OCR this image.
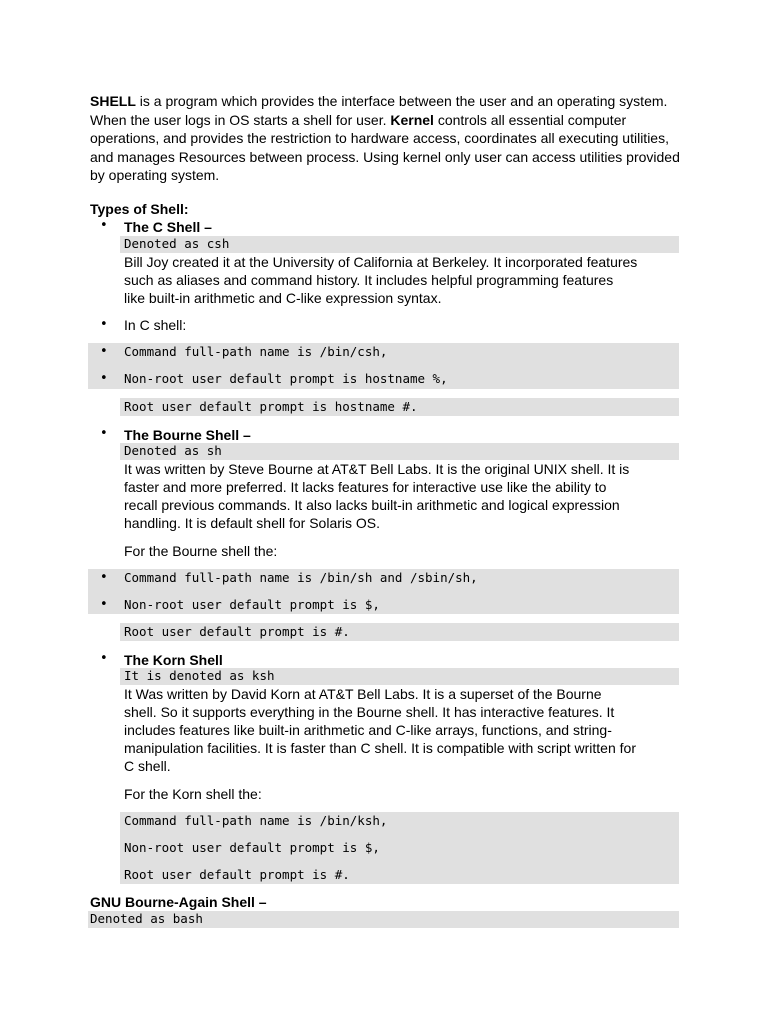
SHELL is a program which provides the interface between the user and an operating system.
When the user logs in OS starts a shell for user. Kernel controls all essential computer
operations, and provides the restriction to hardware access, coordinates all executing utilities,
and manages Resources between process. Using kernel only user can access utilities provided
by operating system.
Types of Shell:
• The C Shell –
Denoted as csh
Bill Joy created it at the University of California at Berkeley. It incorporated features
such as aliases and command history. It includes helpful programming features
like built-in arithmetic and C-like expression syntax.
• In C shell:
• Command full-path name is /bin/csh,
• Non-root user default prompt is hostname %,
Root user default prompt is hostname #.
• The Bourne Shell –
Denoted as sh
It was written by Steve Bourne at AT&T Bell Labs. It is the original UNIX shell. It is
faster and more preferred. It lacks features for interactive use like the ability to
recall previous commands. It also lacks built-in arithmetic and logical expression
handling. It is default shell for Solaris OS.
For the Bourne shell the:
• Command full-path name is /bin/sh and /sbin/sh,
• Non-root user default prompt is $,
Root user default prompt is #.
• The Korn Shell
It is denoted as ksh
It Was written by David Korn at AT&T Bell Labs. It is a superset of the Bourne
shell. So it supports everything in the Bourne shell. It has interactive features. It
includes features like built-in arithmetic and C-like arrays, functions, and string-
manipulation facilities. It is faster than C shell. It is compatible with script written for
C shell.
For the Korn shell the:
Command full-path name is /bin/ksh,
Non-root user default prompt is $,
Root user default prompt is #.
GNU Bourne-Again Shell –
Denoted as bash
